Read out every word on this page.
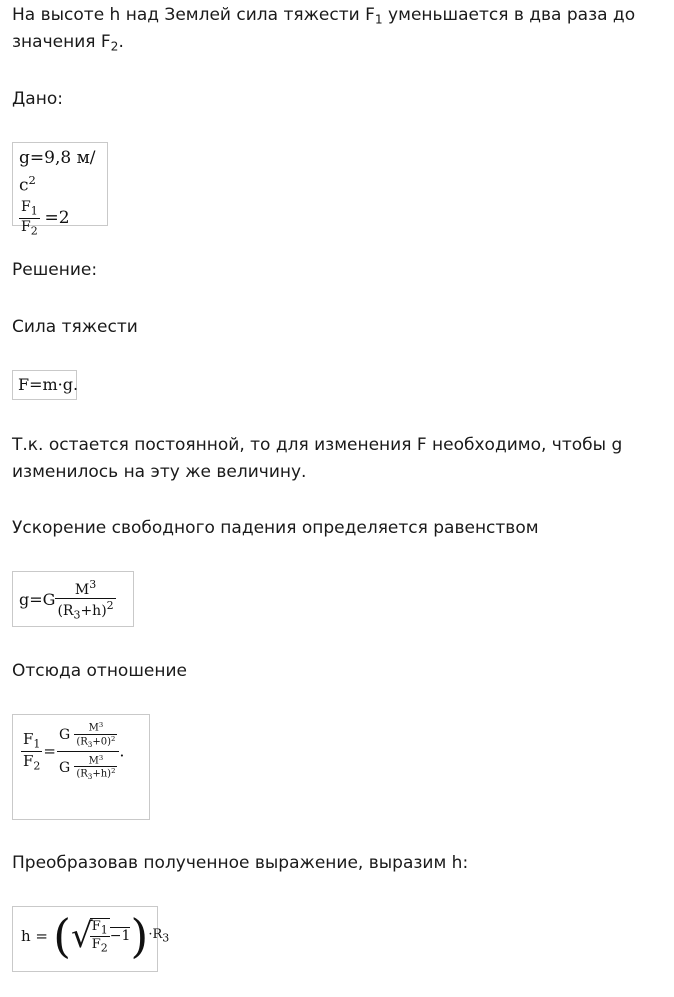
На высоте h над Землей сила тяжести $F_1$ уменьшается в два раза до

значения $F_2$.

Дано:

g=9,8 $м/с^2$
$\frac{F_1}{F_2} =2$

Решение:

Сила тяжести

F=m·g.

Т.к. остается постоянной, то для изменения F необходимо, чтобы g

изменилось на эту же величину.

Ускорение свободного падения определяется равенством

$g=G \frac{M^3}{(R_3+h)^2}$

Отсюда отношение

$\frac{F_1}{F_2} = \frac{G \frac{M^3}{(R_3+0)^2}}{G \frac{M^3}{(R_3+h)^2}}$ .

Преобразовав полученное выражение, выразим h:

h = (√
$\frac{F_1}{F_2} -1)\cdot R_3$
